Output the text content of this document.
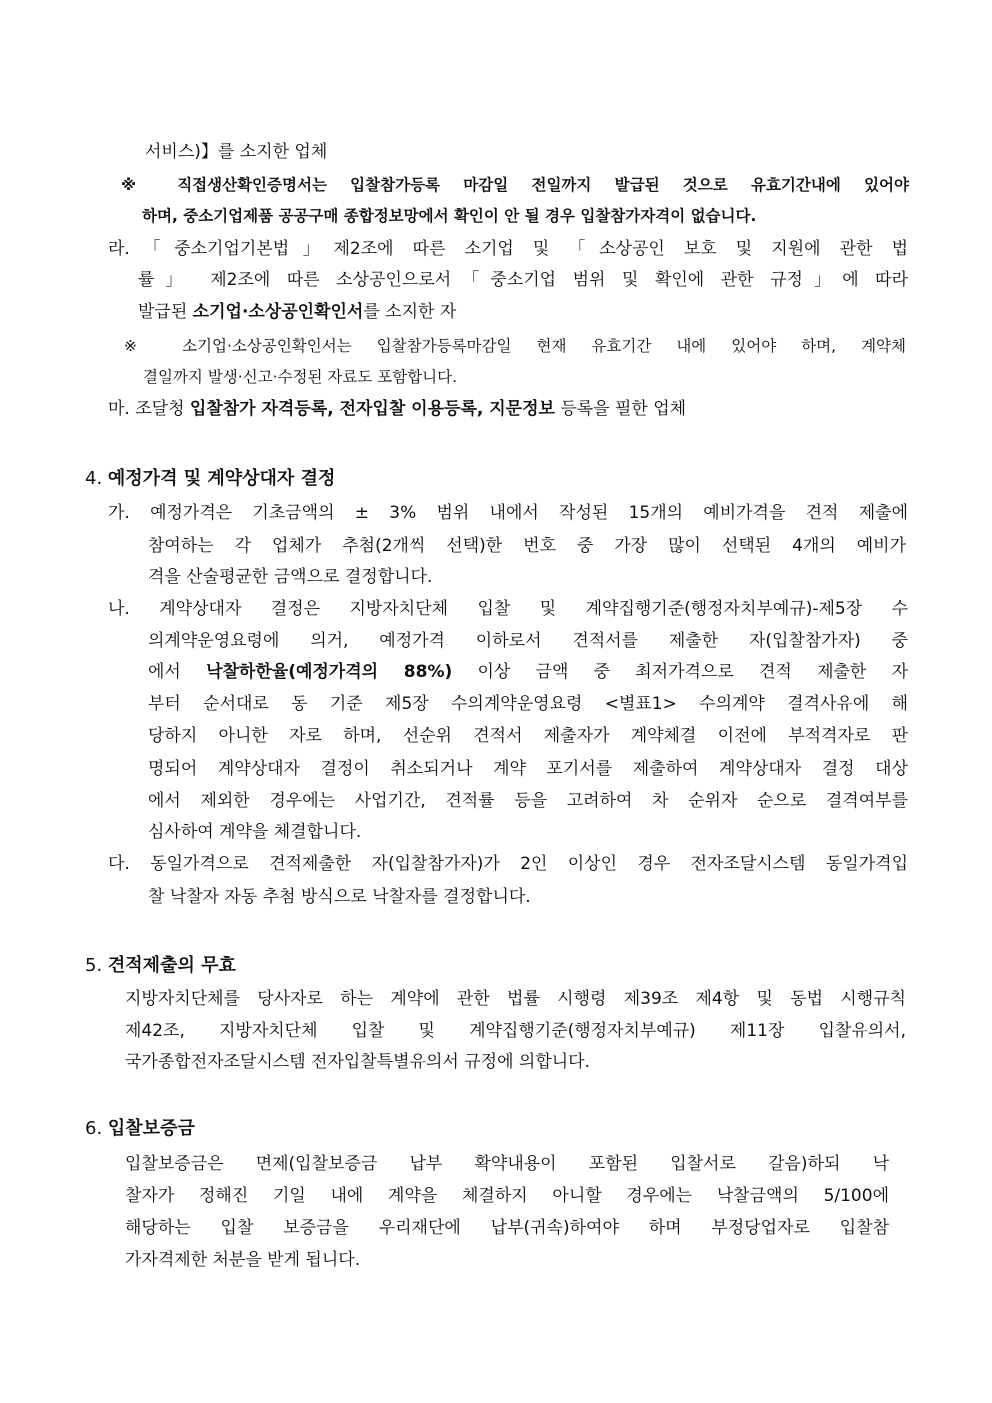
서비스)】를 소지한 업체
※ 직접생산확인증명서는 입찰참가등록 마감일 전일까지 발급된 것으로 유효기간내에 있어야
하며, 중소기업제품 공공구매 종합정보망에서 확인이 안 될 경우 입찰참가자격이 없습니다.
라.「중소기업기본법」제2조에 따른 소기업 및 「소상공인 보호 및 지원에 관한 법
률」 제2조에 따른 소상공인으로서「중소기업 범위 및 확인에 관한 규정」에 따라
발급된 소기업·소상공인확인서를 소지한 자
※ 소기업·소상공인확인서는 입찰참가등록마감일 현재 유효기간 내에 있어야 하며, 계약체
결일까지 발생·신고·수정된 자료도 포함합니다.
마. 조달청 입찰참가 자격등록, 전자입찰 이용등록, 지문정보 등록을 필한 업체
4. 예정가격 및 계약상대자 결정
가. 예정가격은 기초금액의 ± 3% 범위 내에서 작성된 15개의 예비가격을 견적 제출에
참여하는 각 업체가 추첨(2개씩 선택)한 번호 중 가장 많이 선택된 4개의 예비가
격을 산술평균한 금액으로 결정합니다.
나. 계약상대자 결정은 지방자치단체 입찰 및 계약집행기준(행정자치부예규)-제5장 수
의계약운영요령에 의거, 예정가격 이하로서 견적서를 제출한 자(입찰참가자) 중
에서 낙찰하한율(예정가격의 88%) 이상 금액 중 최저가격으로 견적 제출한 자
부터 순서대로 동 기준 제5장 수의계약운영요령 <별표1> 수의계약 결격사유에 해
당하지 아니한 자로 하며, 선순위 견적서 제출자가 계약체결 이전에 부적격자로 판
명되어 계약상대자 결정이 취소되거나 계약 포기서를 제출하여 계약상대자 결정 대상
에서 제외한 경우에는 사업기간, 견적률 등을 고려하여 차 순위자 순으로 결격여부를
심사하여 계약을 체결합니다.
다. 동일가격으로 견적제출한 자(입찰참가자)가 2인 이상인 경우 전자조달시스템 동일가격입
찰 낙찰자 자동 추첨 방식으로 낙찰자를 결정합니다.
5. 견적제출의 무효
지방자치단체를 당사자로 하는 계약에 관한 법률 시행령 제39조 제4항 및 동법 시행규칙
제42조, 지방자치단체 입찰 및 계약집행기준(행정자치부예규) 제11장 입찰유의서,
국가종합전자조달시스템 전자입찰특별유의서 규정에 의합니다.
6. 입찰보증금
입찰보증금은 면제(입찰보증금 납부 확약내용이 포함된 입찰서로 갈음)하되 낙
찰자가 정해진 기일 내에 계약을 체결하지 아니할 경우에는 낙찰금액의 5/100에
해당하는 입찰 보증금을 우리재단에 납부(귀속)하여야 하며 부정당업자로 입찰참
가자격제한 처분을 받게 됩니다.
